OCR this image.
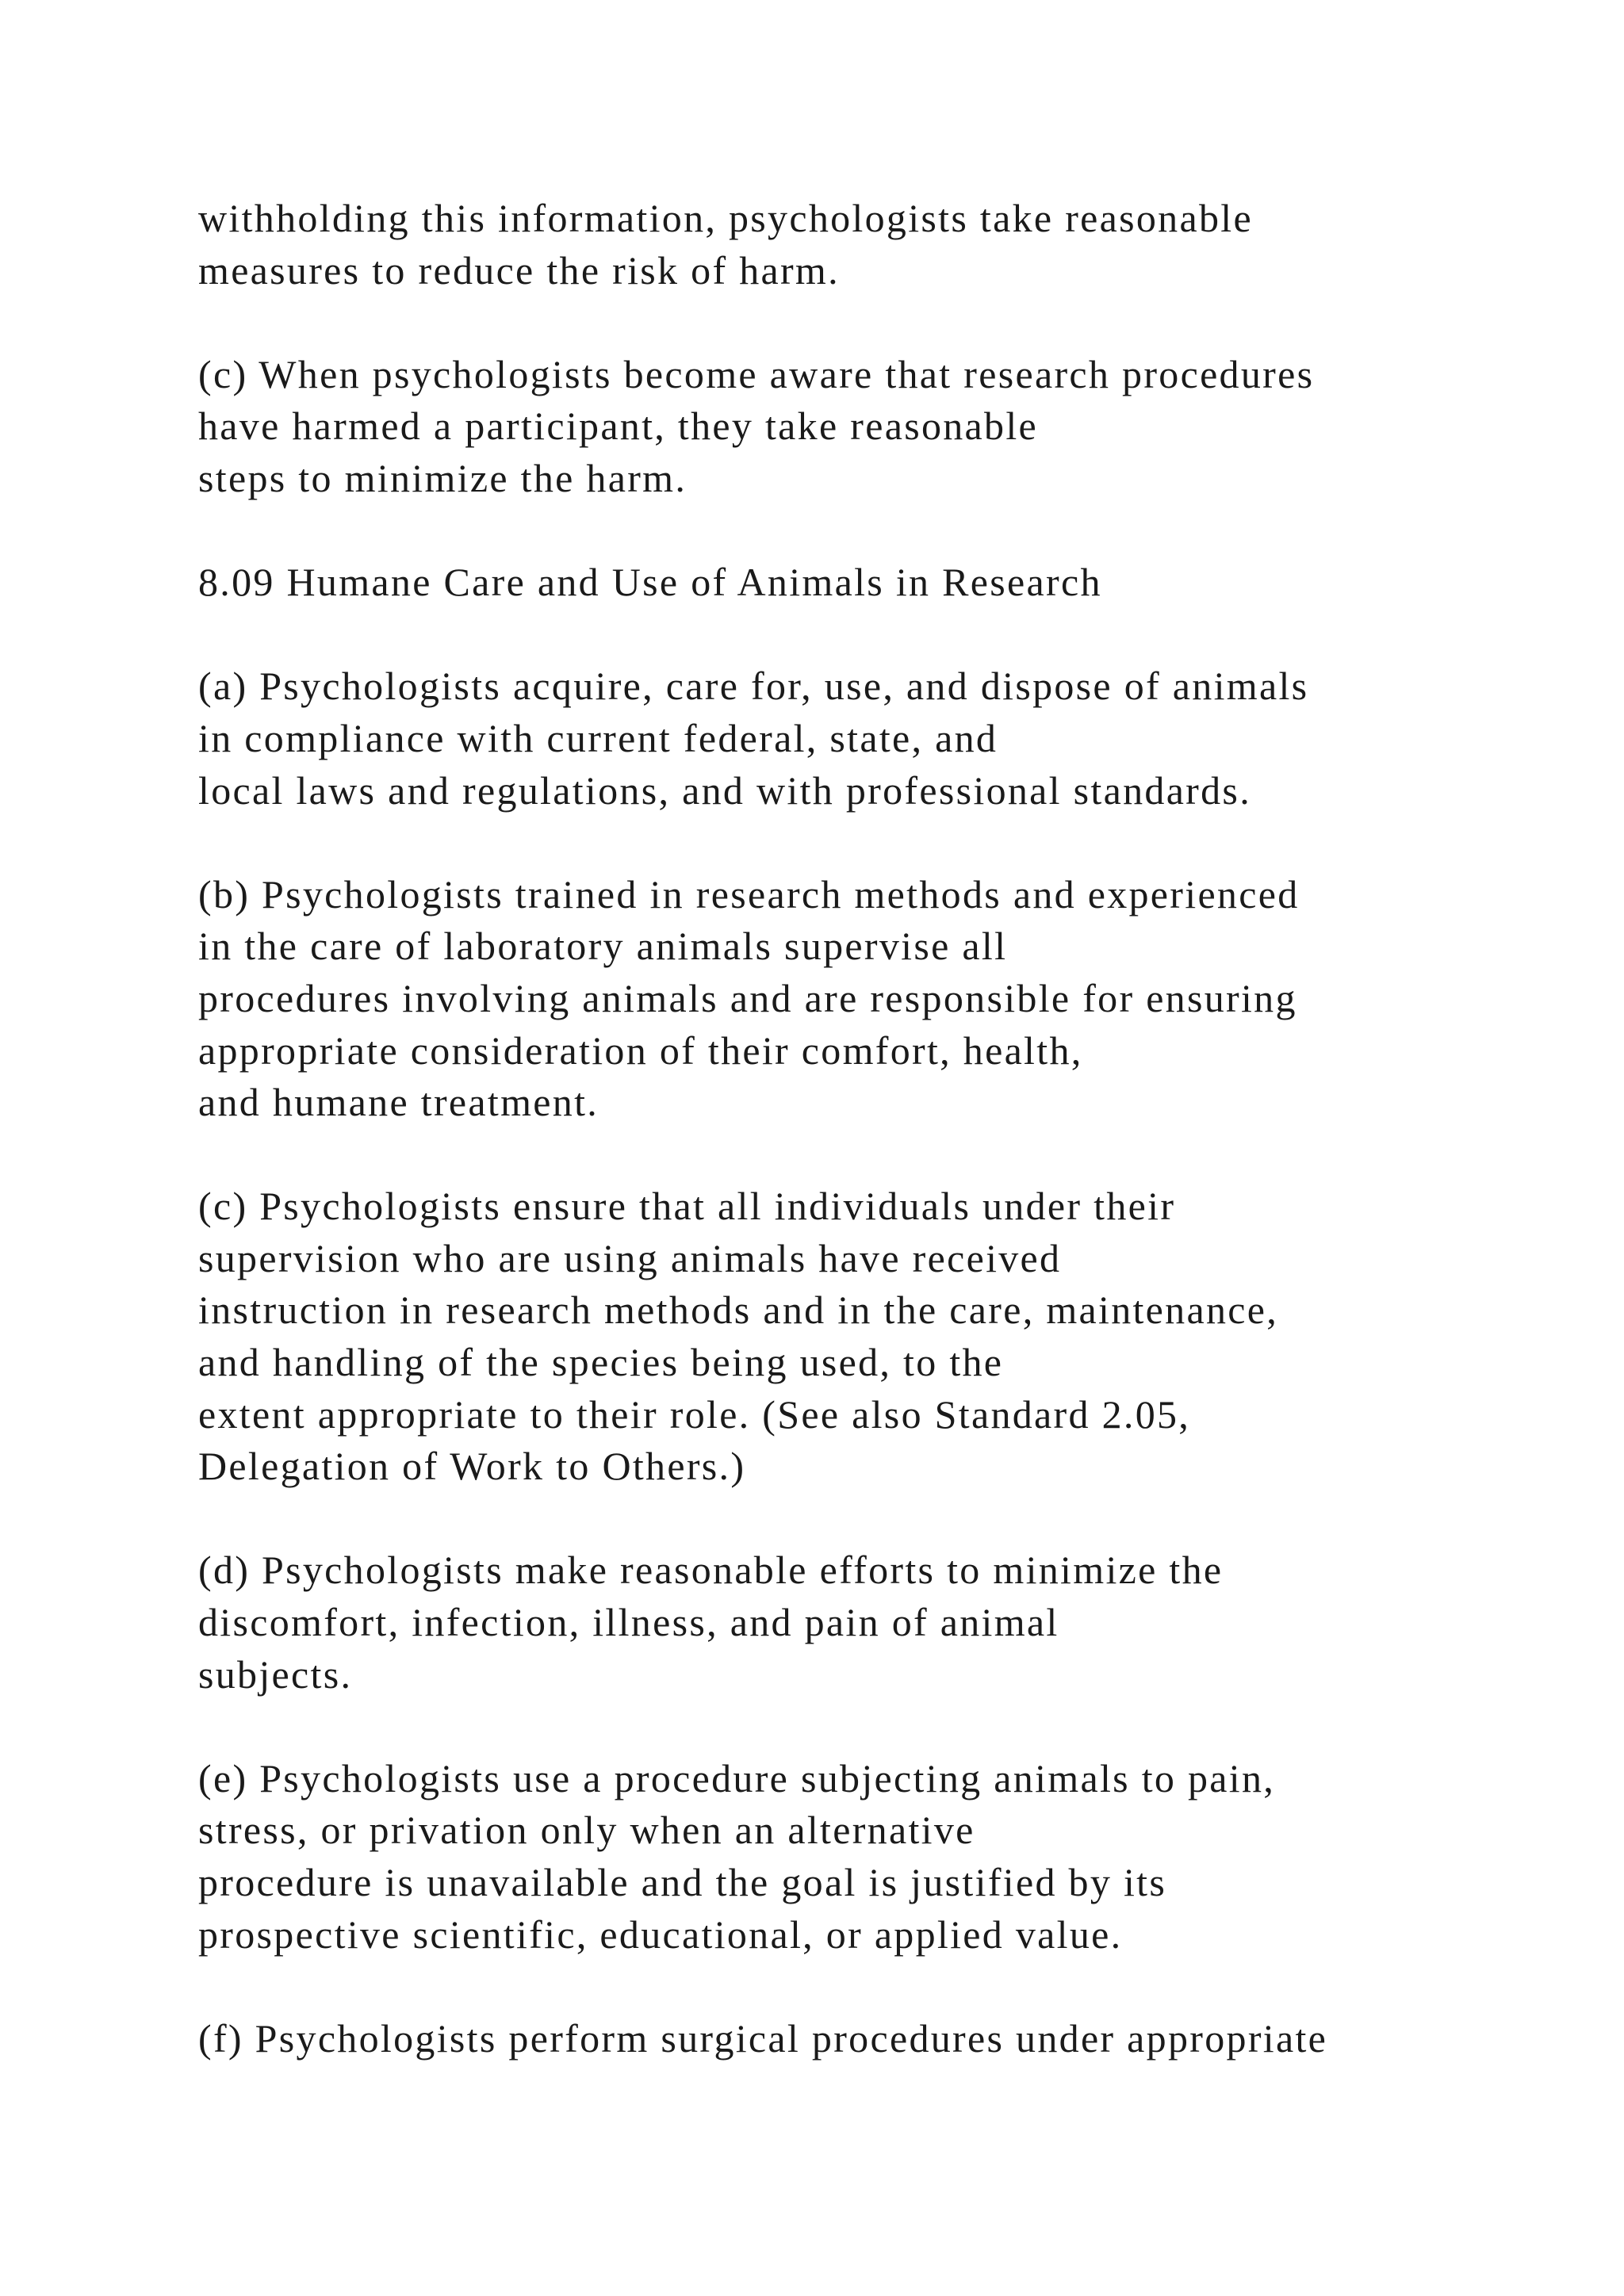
withholding this information, psychologists take reasonable
measures to reduce the risk of harm.

(c) When psychologists become aware that research procedures
have harmed a participant, they take reasonable
steps to minimize the harm.

8.09 Humane Care and Use of Animals in Research

(a) Psychologists acquire, care for, use, and dispose of animals
in compliance with current federal, state, and
local laws and regulations, and with professional standards.

(b) Psychologists trained in research methods and experienced
in the care of laboratory animals supervise all
procedures involving animals and are responsible for ensuring
appropriate consideration of their comfort, health,
and humane treatment.

(c) Psychologists ensure that all individuals under their
supervision who are using animals have received
instruction in research methods and in the care, maintenance,
and handling of the species being used, to the
extent appropriate to their role. (See also Standard 2.05,
Delegation of Work to Others.)

(d) Psychologists make reasonable efforts to minimize the
discomfort, infection, illness, and pain of animal
subjects.

(e) Psychologists use a procedure subjecting animals to pain,
stress, or privation only when an alternative
procedure is unavailable and the goal is justified by its
prospective scientific, educational, or applied value.

(f) Psychologists perform surgical procedures under appropriate
